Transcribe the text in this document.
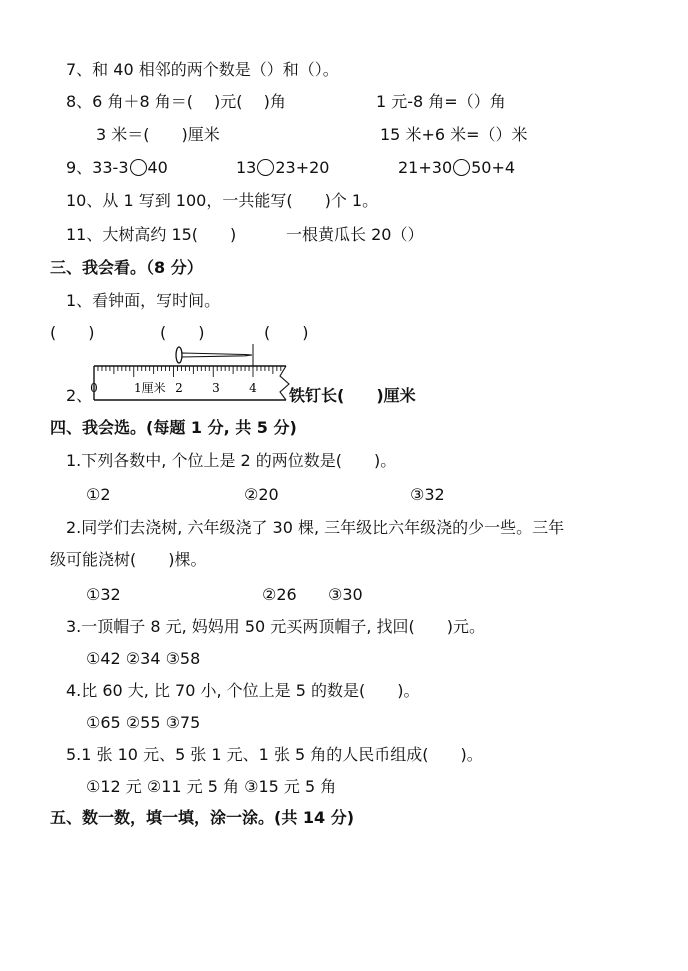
7、和 40 相邻的两个数是（）和（）。
8、6 角＋8 角＝(　 )元(　 )角	1 元-8 角=（）角
3 米＝(　　)厘米	15 米+6 米=（）米
9、33-3 40	13 23+20	21+30 50+4
10、从 1 写到 100，一共能写(　　)个 1。
11、大树高约 15(　　)	一根黄瓜长 20（）
三、我会看。（8 分）
1、看钟面，写时间。
(　　)	(　　)	(　　)
2、
0	1厘米 2 3 4 铁钉长(　　)厘米
四、我会选。(每题 1 分, 共 5 分)
1.下列各数中, 个位上是 2 的两位数是(　　)。
①2	②20	③32
2.同学们去浇树, 六年级浇了 30 棵, 三年级比六年级浇的少一些。三年
级可能浇树(　　)棵。
①32	②26 ③30
3.一顶帽子 8 元, 妈妈用 50 元买两顶帽子, 找回(　　)元。
①42 ②34 ③58
4.比 60 大, 比 70 小, 个位上是 5 的数是(　　)。
①65 ②55 ③75
5.1 张 10 元、5 张 1 元、1 张 5 角的人民币组成(　　)。
①12 元 ②11 元 5 角 ③15 元 5 角
五、数一数，填一填，涂一涂。(共 14 分)
